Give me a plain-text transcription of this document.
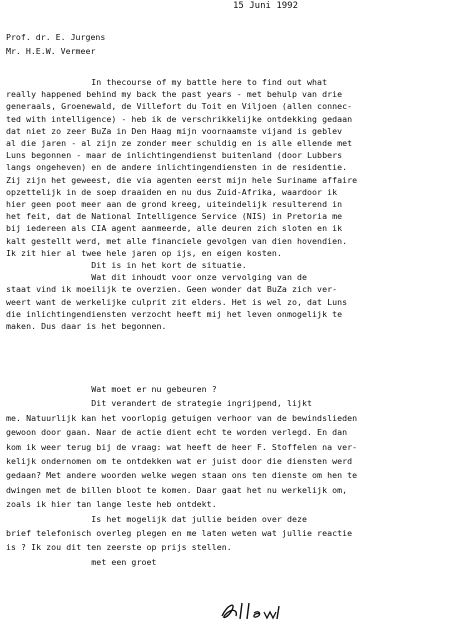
15 Juni 1992
Prof. dr. E. Jurgens
Mr. H.E.W. Vermeer
In thecourse of my battle here to find out what
really happened behind my back the past years - met behulp van drie
generaals, Groenewald, de Villefort du Toit en Viljoen (allen connec-
ted with intelligence) - heb ik de verschrikkelijke ontdekking gedaan
dat niet zo zeer BuZa in Den Haag mijn voornaamste vijand is geblev
al die jaren - al zijn ze zonder meer schuldig en is alle ellende met
Luns begonnen - maar de inlichtingendienst buitenland (door Lubbers
langs ongeheven) en de andere inlichtingendiensten in de residentie.
Zij zijn het geweest, die via agenten eerst mijn hele Suriname affaire
opzettelijk in de soep draaiden en nu dus Zuid-Afrika, waardoor ik
hier geen poot meer aan de grond kreeg, uiteindelijk resulterend in
het feit, dat de National Intelligence Service (NIS) in Pretoria me
bij iedereen als CIA agent aanmeerde, alle deuren zich sloten en ik
kalt gestellt werd, met alle financiele gevolgen van dien hovendien.
Ik zit hier al twee hele jaren op ijs, en eigen kosten.
Dit is in het kort de situatie.
Wat dit inhoudt voor onze vervolging van de
staat vind ik moeilijk te overzien. Geen wonder dat BuZa zich ver-
weert want de werkelijke culprit zit elders. Het is wel zo, dat Luns
die inlichtingendiensten verzocht heeft mij het leven onmogelijk te
maken. Dus daar is het begonnen.
Wat moet er nu gebeuren ?
Dit verandert de strategie ingrijpend, lijkt
me. Natuurlijk kan het voorlopig getuigen verhoor van de bewindslieden
gewoon door gaan. Naar de actie dient echt te worden verlegd. En dan
kom ik weer terug bij de vraag: wat heeft de heer F. Stoffelen na ver-
kelijk ondernomen om te ontdekken wat er juist door die diensten werd
gedaan? Met andere woorden welke wegen staan ons ten dienste om hen te
dwingen met de billen bloot te komen. Daar gaat het nu werkelijk om,
zoals ik hier tan lange leste heb ontdekt.
Is het mogelijk dat jullie beiden over deze
brief telefonisch overleg plegen en me laten weten wat jullie reactie
is ? Ik zou dit ten zeerste op prijs stellen.
met een groet
